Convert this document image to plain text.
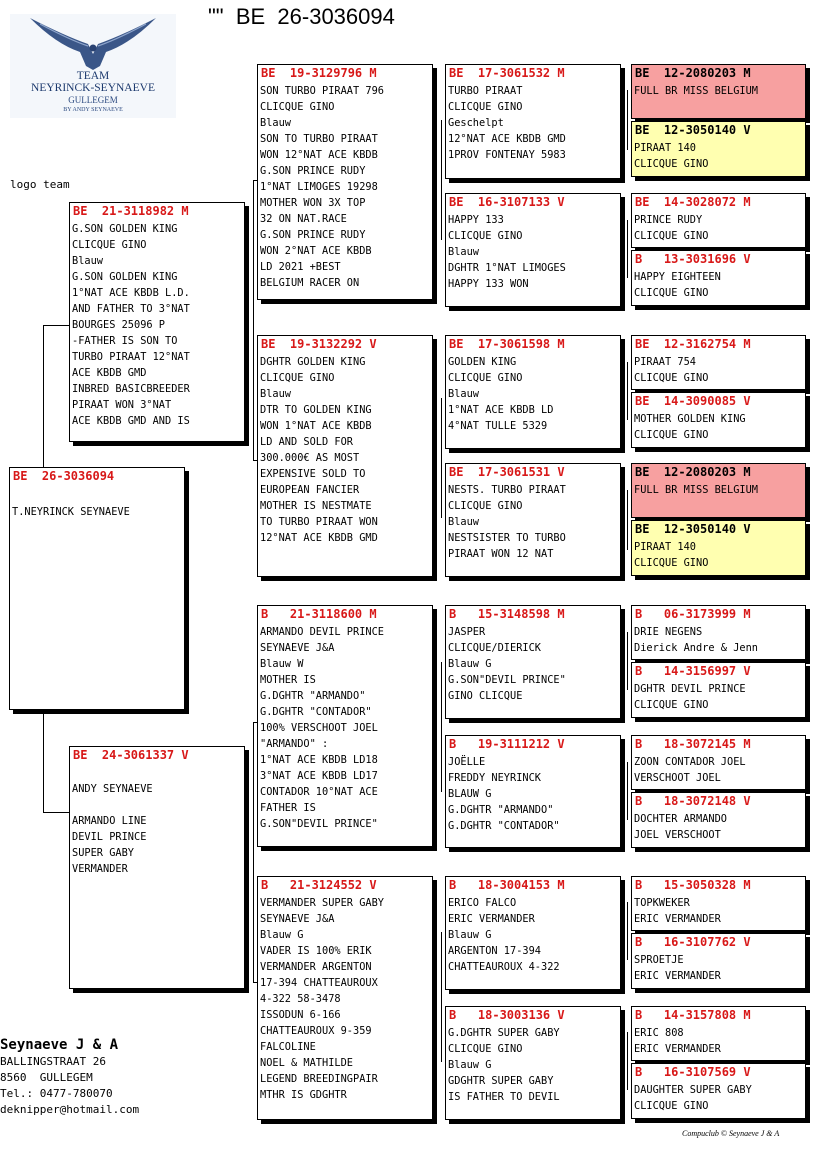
""  BE  26-3036094
TEAM
NEYRINCK-SEYNAEVE
GULLEGEM
BY ANDY SEYNAEVE
logo team
BE  26-3036094
T.NEYRINCK SEYNAEVE
BE  21-3118982 M
G.SON GOLDEN KING
CLICQUE GINO
Blauw
G.SON GOLDEN KING
1°NAT ACE KBDB L.D.
AND FATHER TO 3°NAT
BOURGES 25096 P
-FATHER IS SON TO
TURBO PIRAAT 12°NAT
ACE KBDB GMD
INBRED BASICBREEDER
PIRAAT WON 3°NAT
ACE KBDB GMD AND IS
BE  24-3061337 V

ANDY SEYNAEVE

ARMANDO LINE
DEVIL PRINCE
SUPER GABY
VERMANDER
BE  19-3129796 M
SON TURBO PIRAAT 796
CLICQUE GINO
Blauw
SON TO TURBO PIRAAT
WON 12°NAT ACE KBDB
G.SON PRINCE RUDY
1°NAT LIMOGES 19298
MOTHER WON 3X TOP
32 ON NAT.RACE
G.SON PRINCE RUDY
WON 2°NAT ACE KBDB
LD 2021 +BEST
BELGIUM RACER ON
BE  19-3132292 V
DGHTR GOLDEN KING
CLICQUE GINO
Blauw
DTR TO GOLDEN KING
WON 1°NAT ACE KBDB
LD AND SOLD FOR
300.000€ AS MOST
EXPENSIVE SOLD TO
EUROPEAN FANCIER
MOTHER IS NESTMATE
TO TURBO PIRAAT WON
12°NAT ACE KBDB GMD
B   21-3118600 M
ARMANDO DEVIL PRINCE
SEYNAEVE J&A
Blauw W
MOTHER IS
G.DGHTR "ARMANDO"
G.DGHTR "CONTADOR"
100% VERSCHOOT JOEL
"ARMANDO" :
1°NAT ACE KBDB LD18
3°NAT ACE KBDB LD17
CONTADOR 10°NAT ACE
FATHER IS
G.SON"DEVIL PRINCE"
B   21-3124552 V
VERMANDER SUPER GABY
SEYNAEVE J&A
Blauw G
VADER IS 100% ERIK
VERMANDER ARGENTON
17-394 CHATTEAUROUX
4-322 58-3478
ISSODUN 6-166
CHATTEAUROUX 9-359
FALCOLINE
NOEL & MATHILDE
LEGEND BREEDINGPAIR
MTHR IS GDGHTR
BE  17-3061532 M
TURBO PIRAAT
CLICQUE GINO
Geschelpt
12°NAT ACE KBDB GMD
1PROV FONTENAY 5983
BE  16-3107133 V
HAPPY 133
CLICQUE GINO
Blauw
DGHTR 1°NAT LIMOGES
HAPPY 133 WON
BE  17-3061598 M
GOLDEN KING
CLICQUE GINO
Blauw
1°NAT ACE KBDB LD
4°NAT TULLE 5329
BE  17-3061531 V
NESTS. TURBO PIRAAT
CLICQUE GINO
Blauw
NESTSISTER TO TURBO
PIRAAT WON 12 NAT
B   15-3148598 M
JASPER
CLICQUE/DIERICK
Blauw G
G.SON"DEVIL PRINCE"
GINO CLICQUE
B   19-3111212 V
JOËLLE
FREDDY NEYRINCK
BLAUW G
G.DGHTR "ARMANDO"
G.DGHTR "CONTADOR"
B   18-3004153 M
ERICO FALCO
ERIC VERMANDER
Blauw G
ARGENTON 17-394
CHATTEAUROUX 4-322
B   18-3003136 V
G.DGHTR SUPER GABY
CLICQUE GINO
Blauw G
GDGHTR SUPER GABY
IS FATHER TO DEVIL
BE  12-2080203 M
FULL BR MISS BELGIUM
BE  12-3050140 V
PIRAAT 140
CLICQUE GINO
BE  14-3028072 M
PRINCE RUDY
CLICQUE GINO
B   13-3031696 V
HAPPY EIGHTEEN
CLICQUE GINO
BE  12-3162754 M
PIRAAT 754
CLICQUE GINO
BE  14-3090085 V
MOTHER GOLDEN KING
CLICQUE GINO
BE  12-2080203 M
FULL BR MISS BELGIUM
BE  12-3050140 V
PIRAAT 140
CLICQUE GINO
B   06-3173999 M
DRIE NEGENS
Dierick Andre & Jenn
B   14-3156997 V
DGHTR DEVIL PRINCE
CLICQUE GINO
B   18-3072145 M
ZOON CONTADOR JOEL
VERSCHOOT JOEL
B   18-3072148 V
DOCHTER ARMANDO
JOEL VERSCHOOT
B   15-3050328 M
TOPKWEKER
ERIC VERMANDER
B   16-3107762 V
SPROETJE
ERIC VERMANDER
B   14-3157808 M
ERIC 808
ERIC VERMANDER
B   16-3107569 V
DAUGHTER SUPER GABY
CLICQUE GINO
Seynaeve J & A
BALLINGSTRAAT 26
8560  GULLEGEM
Tel.: 0477-780070
deknipper@hotmail.com
Compuclub © Seynaeve J & A
